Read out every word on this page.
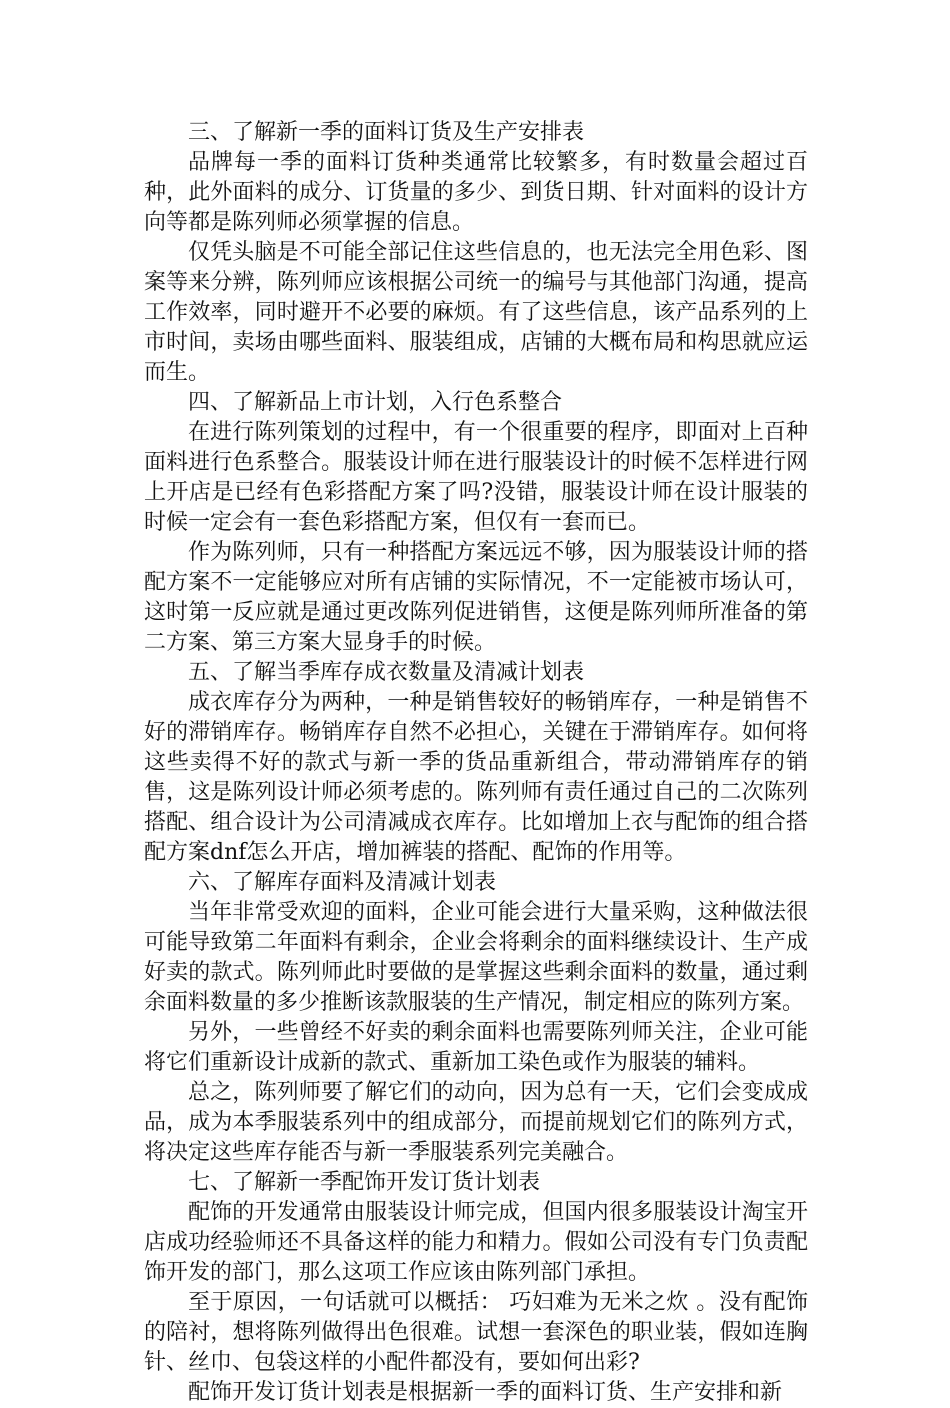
三、了解新一季的面料订货及生产安排表

品牌每一季的面料订货种类通常比较繁多，有时数量会超过百种，此外面料的成分、订货量的多少、到货日期、针对面料的设计方向等都是陈列师必须掌握的信息。

仅凭头脑是不可能全部记住这些信息的，也无法完全用色彩、图案等来分辨，陈列师应该根据公司统一的编号与其他部门沟通，提高工作效率，同时避开不必要的麻烦。有了这些信息，该产品系列的上市时间，卖场由哪些面料、服装组成，店铺的大概布局和构思就应运而生。

四、了解新品上市计划，入行色系整合

在进行陈列策划的过程中，有一个很重要的程序，即面对上百种面料进行色系整合。服装设计师在进行服装设计的时候不怎样进行网上开店是已经有色彩搭配方案了吗?没错，服装设计师在设计服装的时候一定会有一套色彩搭配方案，但仅有一套而已。

作为陈列师，只有一种搭配方案远远不够，因为服装设计师的搭配方案不一定能够应对所有店铺的实际情况，不一定能被市场认可，这时第一反应就是通过更改陈列促进销售，这便是陈列师所准备的第二方案、第三方案大显身手的时候。

五、了解当季库存成衣数量及清减计划表

成衣库存分为两种，一种是销售较好的畅销库存，一种是销售不好的滞销库存。畅销库存自然不必担心，关键在于滞销库存。如何将这些卖得不好的款式与新一季的货品重新组合，带动滞销库存的销售，这是陈列设计师必须考虑的。陈列师有责任通过自己的二次陈列搭配、组合设计为公司清减成衣库存。比如增加上衣与配饰的组合搭配方案dnf怎么开店，增加裤装的搭配、配饰的作用等。

六、了解库存面料及清减计划表

当年非常受欢迎的面料，企业可能会进行大量采购，这种做法很可能导致第二年面料有剩余，企业会将剩余的面料继续设计、生产成好卖的款式。陈列师此时要做的是掌握这些剩余面料的数量，通过剩余面料数量的多少推断该款服装的生产情况，制定相应的陈列方案。

另外，一些曾经不好卖的剩余面料也需要陈列师关注，企业可能将它们重新设计成新的款式、重新加工染色或作为服装的辅料。

总之，陈列师要了解它们的动向，因为总有一天，它们会变成成品，成为本季服装系列中的组成部分，而提前规划它们的陈列方式，将决定这些库存能否与新一季服装系列完美融合。

七、了解新一季配饰开发订货计划表

配饰的开发通常由服装设计师完成，但国内很多服装设计淘宝开店成功经验师还不具备这样的能力和精力。假如公司没有专门负责配饰开发的部门，那么这项工作应该由陈列部门承担。

至于原因，一句话就可以概括： 巧妇难为无米之炊 。没有配饰的陪衬，想将陈列做得出色很难。试想一套深色的职业装，假如连胸针、丝巾、包袋这样的小配件都没有，要如何出彩?

配饰开发订货计划表是根据新一季的面料订货、生产安排和新
